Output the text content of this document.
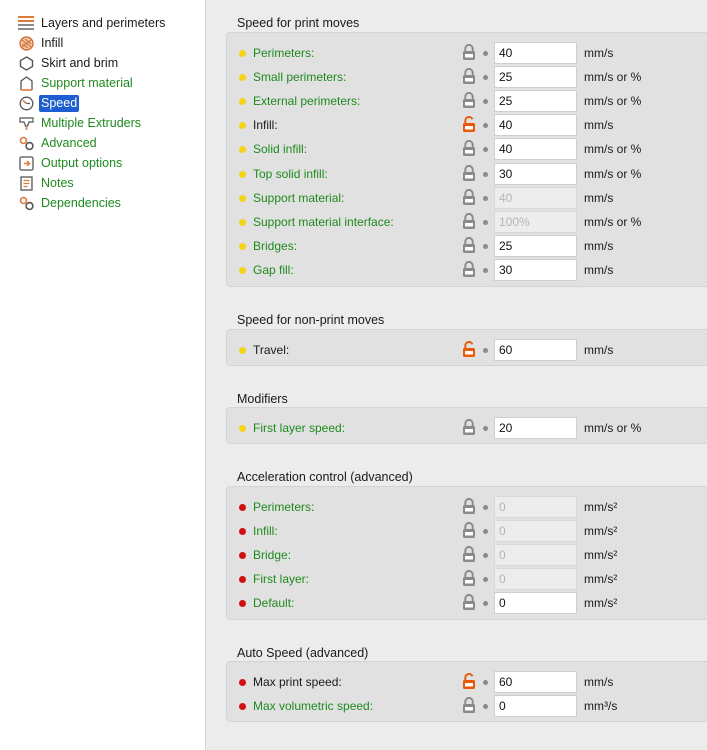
Layers and perimeters
Infill
Skirt and brim
Support material
Speed
Multiple Extruders
Advanced
Output options
Notes
Dependencies
Speed for print moves
Perimeters:
40	mm/s
Small perimeters:
25	mm/s or %
External perimeters:
25	mm/s or %
Infill:
40	mm/s
Solid infill:
40	mm/s or %
Top solid infill:
30	mm/s or %
Support material:
40	mm/s
Support material interface:
100%	mm/s or %
Bridges:
25	mm/s
Gap fill:
30	mm/s
Speed for non-print moves
Travel:
60	mm/s
Modifiers
First layer speed:
20	mm/s or %
Acceleration control (advanced)
Perimeters:
0	mm/s²
Infill:
0	mm/s²
Bridge:
0	mm/s²
First layer:
0	mm/s²
Default:
0	mm/s²
Auto Speed (advanced)
Max print speed:
60	mm/s
Max volumetric speed:
0	mm³/s
